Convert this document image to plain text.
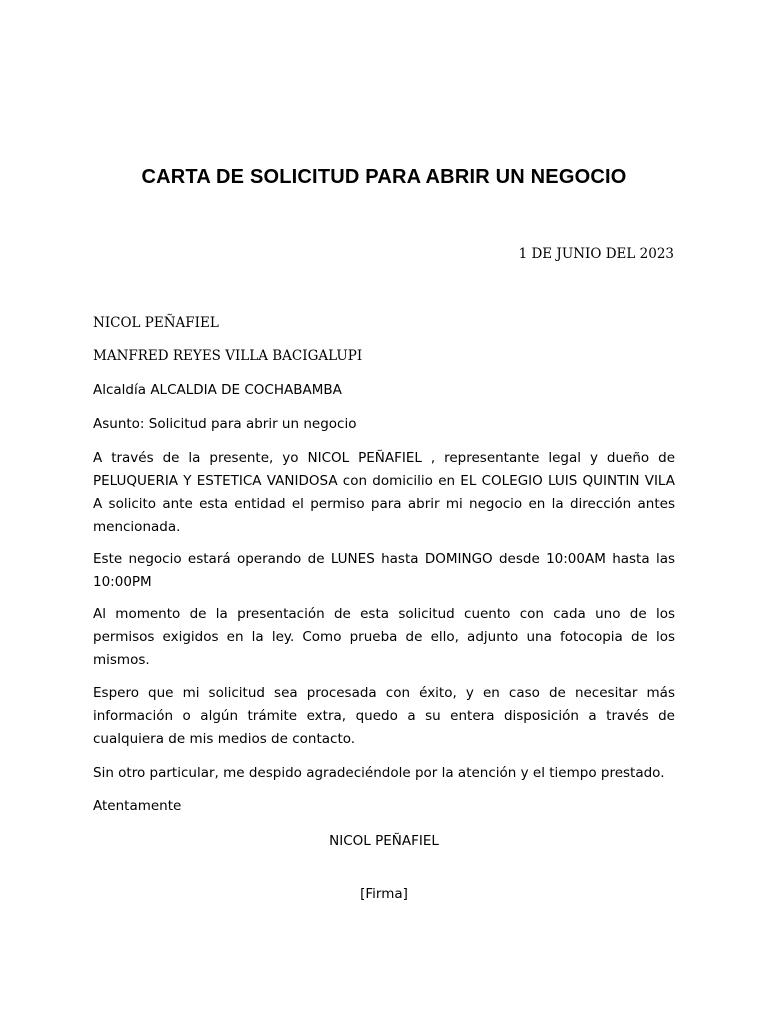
CARTA DE SOLICITUD PARA ABRIR UN NEGOCIO
1 DE JUNIO DEL 2023
NICOL PEÑAFIEL
MANFRED REYES VILLA BACIGALUPI
Alcaldía ALCALDIA DE COCHABAMBA
Asunto: Solicitud para abrir un negocio
A través de la presente, yo NICOL PEÑAFIEL , representante legal y dueño de PELUQUERIA Y ESTETICA VANIDOSA con domicilio en EL COLEGIO LUIS QUINTIN VILA A solicito ante esta entidad el permiso para abrir mi negocio en la dirección antes mencionada.
Este negocio estará operando de LUNES hasta DOMINGO desde 10:00AM hasta las 10:00PM
Al momento de la presentación de esta solicitud cuento con cada uno de los permisos exigidos en la ley. Como prueba de ello, adjunto una fotocopia de los mismos.
Espero que mi solicitud sea procesada con éxito, y en caso de necesitar más información o algún trámite extra, quedo a su entera disposición a través de cualquiera de mis medios de contacto.
Sin otro particular, me despido agradeciéndole por la atención y el tiempo prestado.
Atentamente
NICOL PEÑAFIEL
[Firma]
